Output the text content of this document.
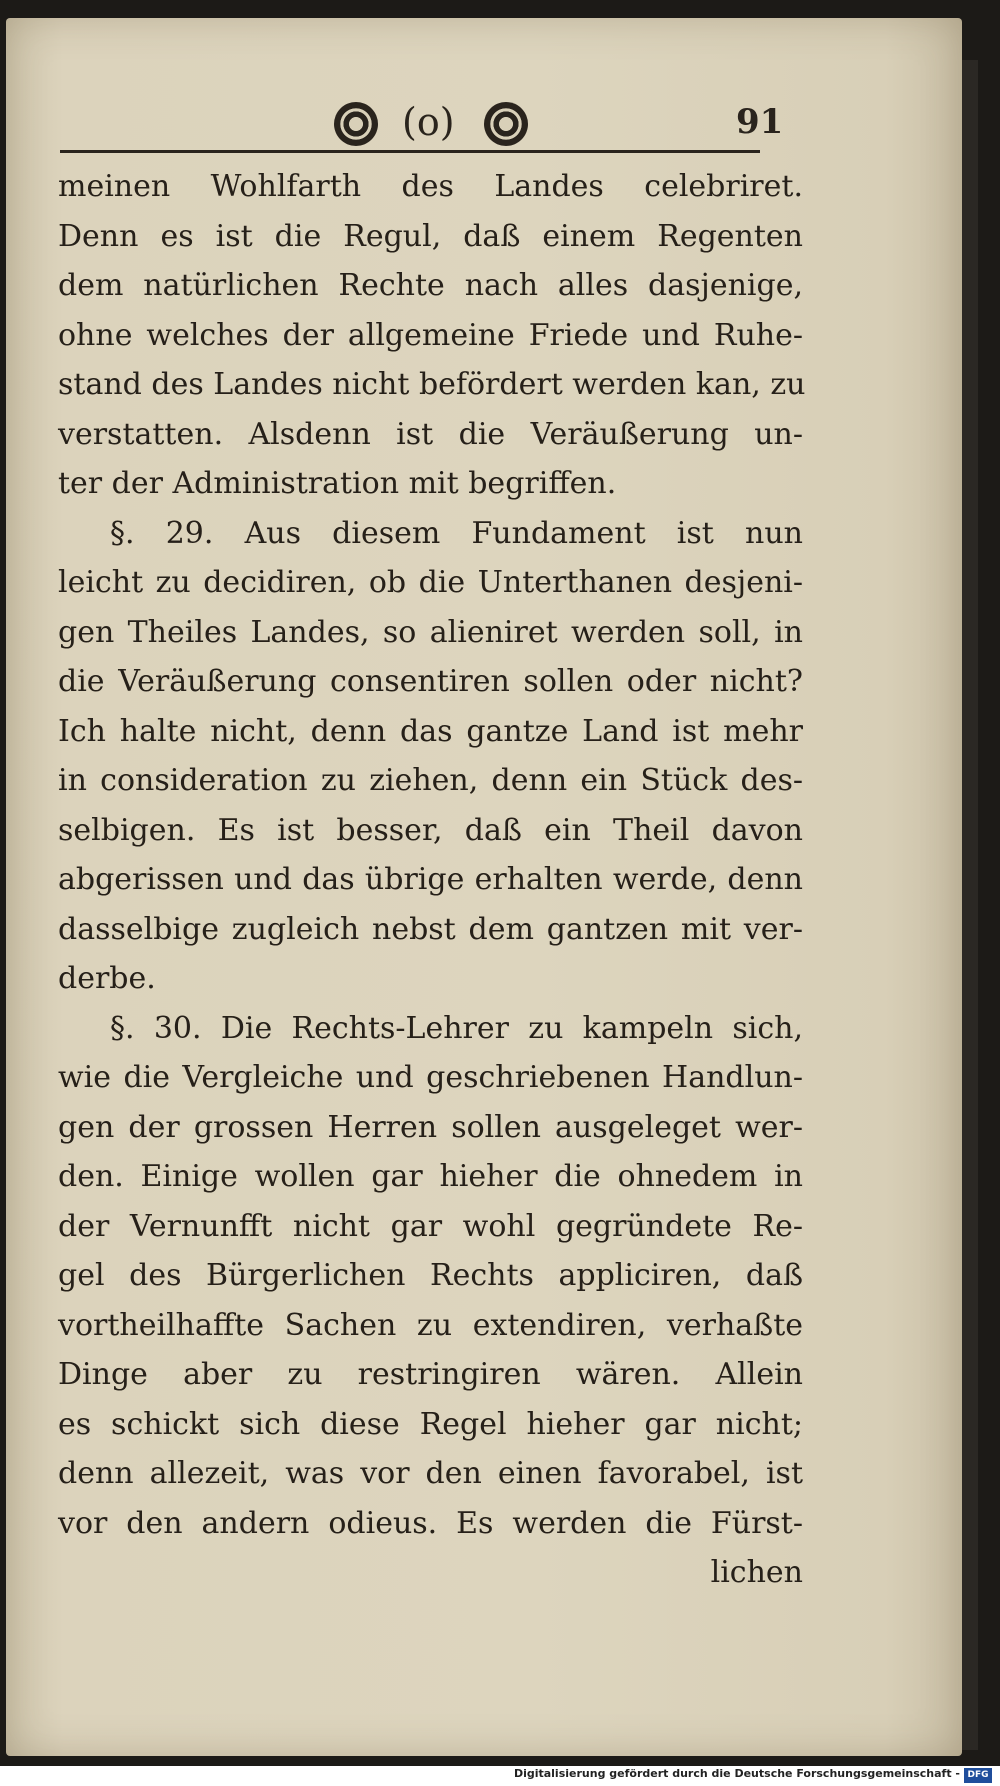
(o)	91
meinen Wohlfarth des Landes celebriret.
Denn es ist die Regul, daß einem Regenten
dem natürlichen Rechte nach alles dasjenige,
ohne welches der allgemeine Friede und Ruhe-
stand des Landes nicht befördert werden kan, zu
verstatten. Alsdenn ist die Veräußerung un-
ter der Administration mit begriffen.
§. 29. Aus diesem Fundament ist nun
leicht zu decidiren, ob die Unterthanen desjeni-
gen Theiles Landes, so alieniret werden soll, in
die Veräußerung consentiren sollen oder nicht?
Ich halte nicht, denn das gantze Land ist mehr
in consideration zu ziehen, denn ein Stück des-
selbigen. Es ist besser, daß ein Theil davon
abgerissen und das übrige erhalten werde, denn
dasselbige zugleich nebst dem gantzen mit ver-
derbe.
§. 30. Die Rechts-Lehrer zu kampeln sich,
wie die Vergleiche und geschriebenen Handlun-
gen der grossen Herren sollen ausgeleget wer-
den. Einige wollen gar hieher die ohnedem in
der Vernunfft nicht gar wohl gegründete Re-
gel des Bürgerlichen Rechts appliciren, daß
vortheilhaffte Sachen zu extendiren, verhaßte
Dinge aber zu restringiren wären. Allein
es schickt sich diese Regel hieher gar nicht;
denn allezeit, was vor den einen favorabel, ist
vor den andern odieus. Es werden die Fürst-
lichen
Digitalisierung gefördert durch die Deutsche Forschungsgemeinschaft - DFG
